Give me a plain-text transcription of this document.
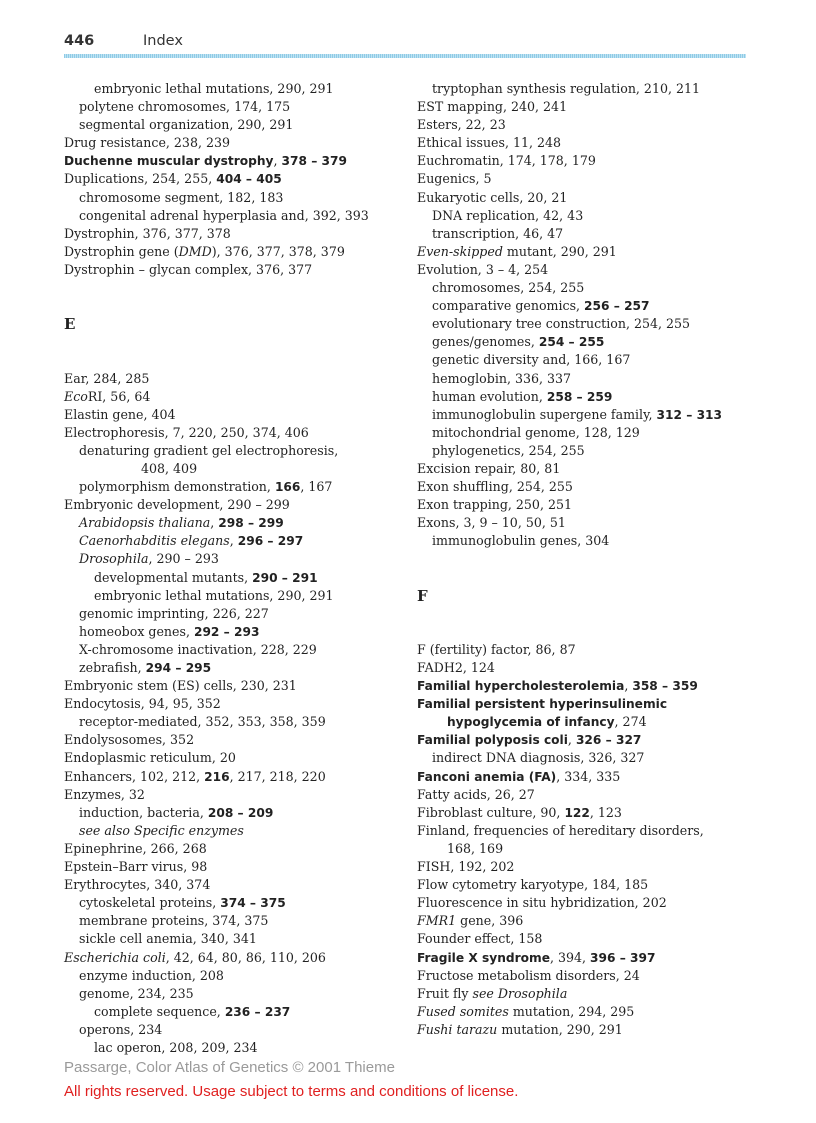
446	Index
embryonic lethal mutations, 290, 291
polytene chromosomes, 174, 175
segmental organization, 290, 291
Drug resistance, 238, 239
Duchenne muscular dystrophy, 378 – 379
Duplications, 254, 255, 404 – 405
chromosome segment, 182, 183
congenital adrenal hyperplasia and, 392, 393
Dystrophin, 376, 377, 378
Dystrophin gene (DMD), 376, 377, 378, 379
Dystrophin – glycan complex, 376, 377
E
Ear, 284, 285
EcoRI, 56, 64
Elastin gene, 404
Electrophoresis, 7, 220, 250, 374, 406
denaturing gradient gel electrophoresis,
408, 409
polymorphism demonstration, 166, 167
Embryonic development, 290 – 299
Arabidopsis thaliana, 298 – 299
Caenorhabditis elegans, 296 – 297
Drosophila, 290 – 293
developmental mutants, 290 – 291
embryonic lethal mutations, 290, 291
genomic imprinting, 226, 227
homeobox genes, 292 – 293
X-chromosome inactivation, 228, 229
zebrafish, 294 – 295
Embryonic stem (ES) cells, 230, 231
Endocytosis, 94, 95, 352
receptor-mediated, 352, 353, 358, 359
Endolysosomes, 352
Endoplasmic reticulum, 20
Enhancers, 102, 212, 216, 217, 218, 220
Enzymes, 32
induction, bacteria, 208 – 209
see also Specific enzymes
Epinephrine, 266, 268
Epstein–Barr virus, 98
Erythrocytes, 340, 374
cytoskeletal proteins, 374 – 375
membrane proteins, 374, 375
sickle cell anemia, 340, 341
Escherichia coli, 42, 64, 80, 86, 110, 206
enzyme induction, 208
genome, 234, 235
complete sequence, 236 – 237
operons, 234
lac operon, 208, 209, 234
tryptophan synthesis regulation, 210, 211
EST mapping, 240, 241
Esters, 22, 23
Ethical issues, 11, 248
Euchromatin, 174, 178, 179
Eugenics, 5
Eukaryotic cells, 20, 21
DNA replication, 42, 43
transcription, 46, 47
Even-skipped mutant, 290, 291
Evolution, 3 – 4, 254
chromosomes, 254, 255
comparative genomics, 256 – 257
evolutionary tree construction, 254, 255
genes/genomes, 254 – 255
genetic diversity and, 166, 167
hemoglobin, 336, 337
human evolution, 258 – 259
immunoglobulin supergene family, 312 – 313
mitochondrial genome, 128, 129
phylogenetics, 254, 255
Excision repair, 80, 81
Exon shuffling, 254, 255
Exon trapping, 250, 251
Exons, 3, 9 – 10, 50, 51
immunoglobulin genes, 304
F
F (fertility) factor, 86, 87
FADH2, 124
Familial hypercholesterolemia, 358 – 359
Familial persistent hyperinsulinemic
hypoglycemia of infancy, 274
Familial polyposis coli, 326 – 327
indirect DNA diagnosis, 326, 327
Fanconi anemia (FA), 334, 335
Fatty acids, 26, 27
Fibroblast culture, 90, 122, 123
Finland, frequencies of hereditary disorders,
168, 169
FISH, 192, 202
Flow cytometry karyotype, 184, 185
Fluorescence in situ hybridization, 202
FMR1 gene, 396
Founder effect, 158
Fragile X syndrome, 394, 396 – 397
Fructose metabolism disorders, 24
Fruit fly see Drosophila
Fused somites mutation, 294, 295
Fushi tarazu mutation, 290, 291
Passarge, Color Atlas of Genetics © 2001 Thieme
All rights reserved. Usage subject to terms and conditions of license.
